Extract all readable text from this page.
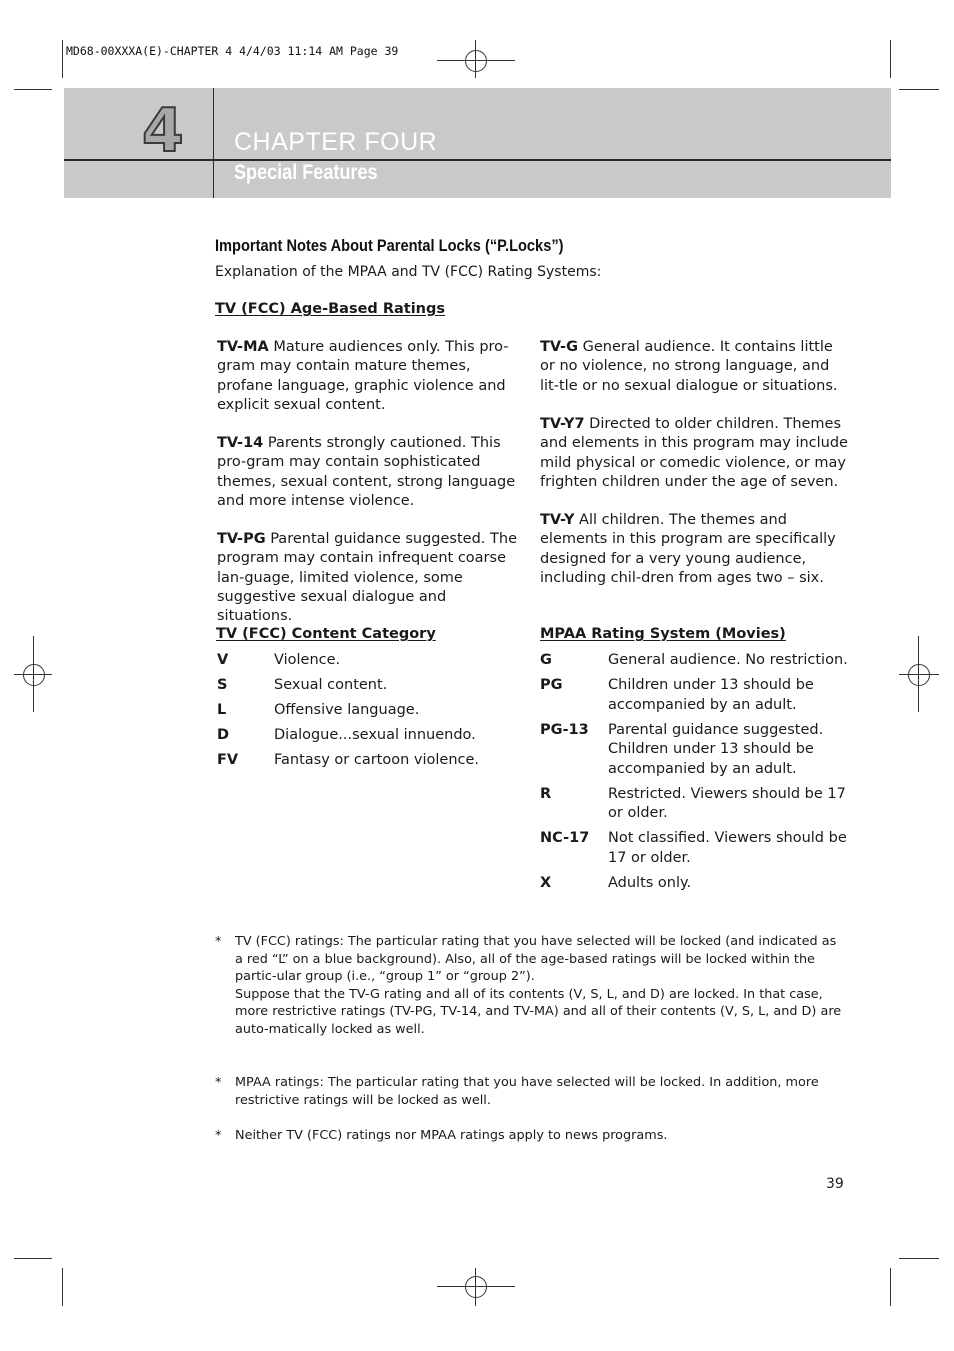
MD68-00XXXA(E)-CHAPTER 4 4/4/03 11:14 AM Page 39
4 CHAPTER FOUR
Special Features
Important Notes About Parental Locks (“P.Locks”)
Explanation of the MPAA and TV (FCC) Rating Systems:
TV (FCC) Age-Based Ratings
TV-MA Mature audiences only. This pro-gram may contain mature themes, profane language, graphic violence and explicit sexual content.
TV-14 Parents strongly cautioned. This pro-gram may contain sophisticated themes, sexual content, strong language and more intense violence.
TV-PG Parental guidance suggested. The program may contain infrequent coarse lan-guage, limited violence, some suggestive sexual dialogue and situations.
TV-G General audience. It contains little or no violence, no strong language, and lit-tle or no sexual dialogue or situations.
TV-Y7 Directed to older children. Themes and elements in this program may include mild physical or comedic violence, or may frighten children under the age of seven.
TV-Y All children. The themes and elements in this program are specifically designed for a very young audience, including chil-dren from ages two – six.
TV (FCC) Content Category
V	Violence.
S	Sexual content.
L	Offensive language.
D	Dialogue...sexual innuendo.
FV	Fantasy or cartoon violence.
MPAA Rating System (Movies)
G	General audience. No restriction.
PG	Children under 13 should be accompanied by an adult.
PG-13	Parental guidance suggested. Children under 13 should be accompanied by an adult.
R	Restricted. Viewers should be 17 or older.
NC-17	Not classified. Viewers should be 17 or older.
X	Adults only.
*	TV (FCC) ratings: The particular rating that you have selected will be locked (and indicated as a red “L” on a blue background). Also, all of the age-based ratings will be locked within the partic-ular group (i.e., “group 1” or “group 2”).
Suppose that the TV-G rating and all of its contents (V, S, L, and D) are locked. In that case, more restrictive ratings (TV-PG, TV-14, and TV-MA) and all of their contents (V, S, L, and D) are auto-matically locked as well.
*	MPAA ratings: The particular rating that you have selected will be locked. In addition, more restrictive ratings will be locked as well.
*	Neither TV (FCC) ratings nor MPAA ratings apply to news programs.
39
